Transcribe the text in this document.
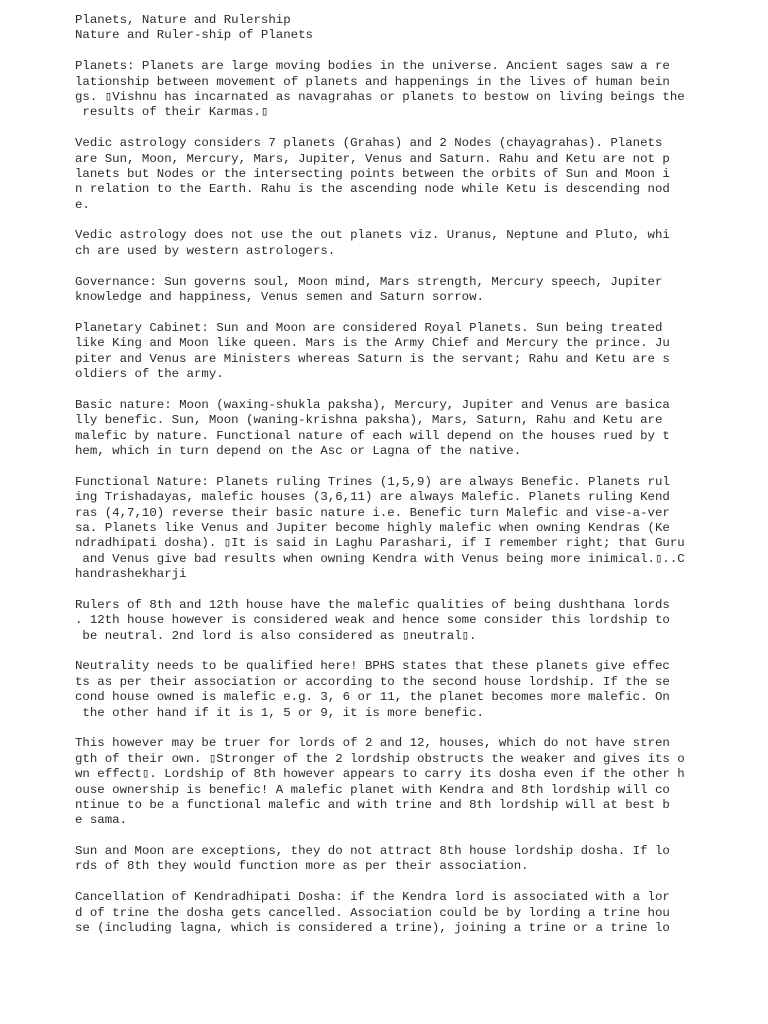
Planets, Nature and Rulership
Nature and Ruler-ship of Planets
Planets: Planets are large moving bodies in the universe. Ancient sages saw a re
lationship between movement of planets and happenings in the lives of human bein
gs. ▯Vishnu has incarnated as navagrahas or planets to bestow on living beings the
results of their Karmas.▯
Vedic astrology considers 7 planets (Grahas) and 2 Nodes (chayagrahas). Planets
are Sun, Moon, Mercury, Mars, Jupiter, Venus and Saturn. Rahu and Ketu are not p
lanets but Nodes or the intersecting points between the orbits of Sun and Moon i
n relation to the Earth. Rahu is the ascending node while Ketu is descending nod
e.
Vedic astrology does not use the out planets viz. Uranus, Neptune and Pluto, whi
ch are used by western astrologers.
Governance: Sun governs soul, Moon mind, Mars strength, Mercury speech, Jupiter
knowledge and happiness, Venus semen and Saturn sorrow.
Planetary Cabinet: Sun and Moon are considered Royal Planets. Sun being treated
like King and Moon like queen. Mars is the Army Chief and Mercury the prince. Ju
piter and Venus are Ministers whereas Saturn is the servant; Rahu and Ketu are s
oldiers of the army.
Basic nature: Moon (waxing-shukla paksha), Mercury, Jupiter and Venus are basica
lly benefic. Sun, Moon (waning-krishna paksha), Mars, Saturn, Rahu and Ketu are
malefic by nature. Functional nature of each will depend on the houses rued by t
hem, which in turn depend on the Asc or Lagna of the native.
Functional Nature: Planets ruling Trines (1,5,9) are always Benefic. Planets rul
ing Trishadayas, malefic houses (3,6,11) are always Malefic. Planets ruling Kend
ras (4,7,10) reverse their basic nature i.e. Benefic turn Malefic and vise-a-ver
sa. Planets like Venus and Jupiter become highly malefic when owning Kendras (Ke
ndradhipati dosha). ▯It is said in Laghu Parashari, if I remember right; that Guru
and Venus give bad results when owning Kendra with Venus being more inimical.▯..C
handrashekharji
Rulers of 8th and 12th house have the malefic qualities of being dushthana lords
. 12th house however is considered weak and hence some consider this lordship to
be neutral. 2nd lord is also considered as ▯neutral▯.
Neutrality needs to be qualified here! BPHS states that these planets give effec
ts as per their association or according to the second house lordship. If the se
cond house owned is malefic e.g. 3, 6 or 11, the planet becomes more malefic. On
the other hand if it is 1, 5 or 9, it is more benefic.
This however may be truer for lords of 2 and 12, houses, which do not have stren
gth of their own. ▯Stronger of the 2 lordship obstructs the weaker and gives its o
wn effect▯. Lordship of 8th however appears to carry its dosha even if the other h
ouse ownership is benefic! A malefic planet with Kendra and 8th lordship will co
ntinue to be a functional malefic and with trine and 8th lordship will at best b
e sama.
Sun and Moon are exceptions, they do not attract 8th house lordship dosha. If lo
rds of 8th they would function more as per their association.
Cancellation of Kendradhipati Dosha: if the Kendra lord is associated with a lor
d of trine the dosha gets cancelled. Association could be by lording a trine hou
se (including lagna, which is considered a trine), joining a trine or a trine lo
